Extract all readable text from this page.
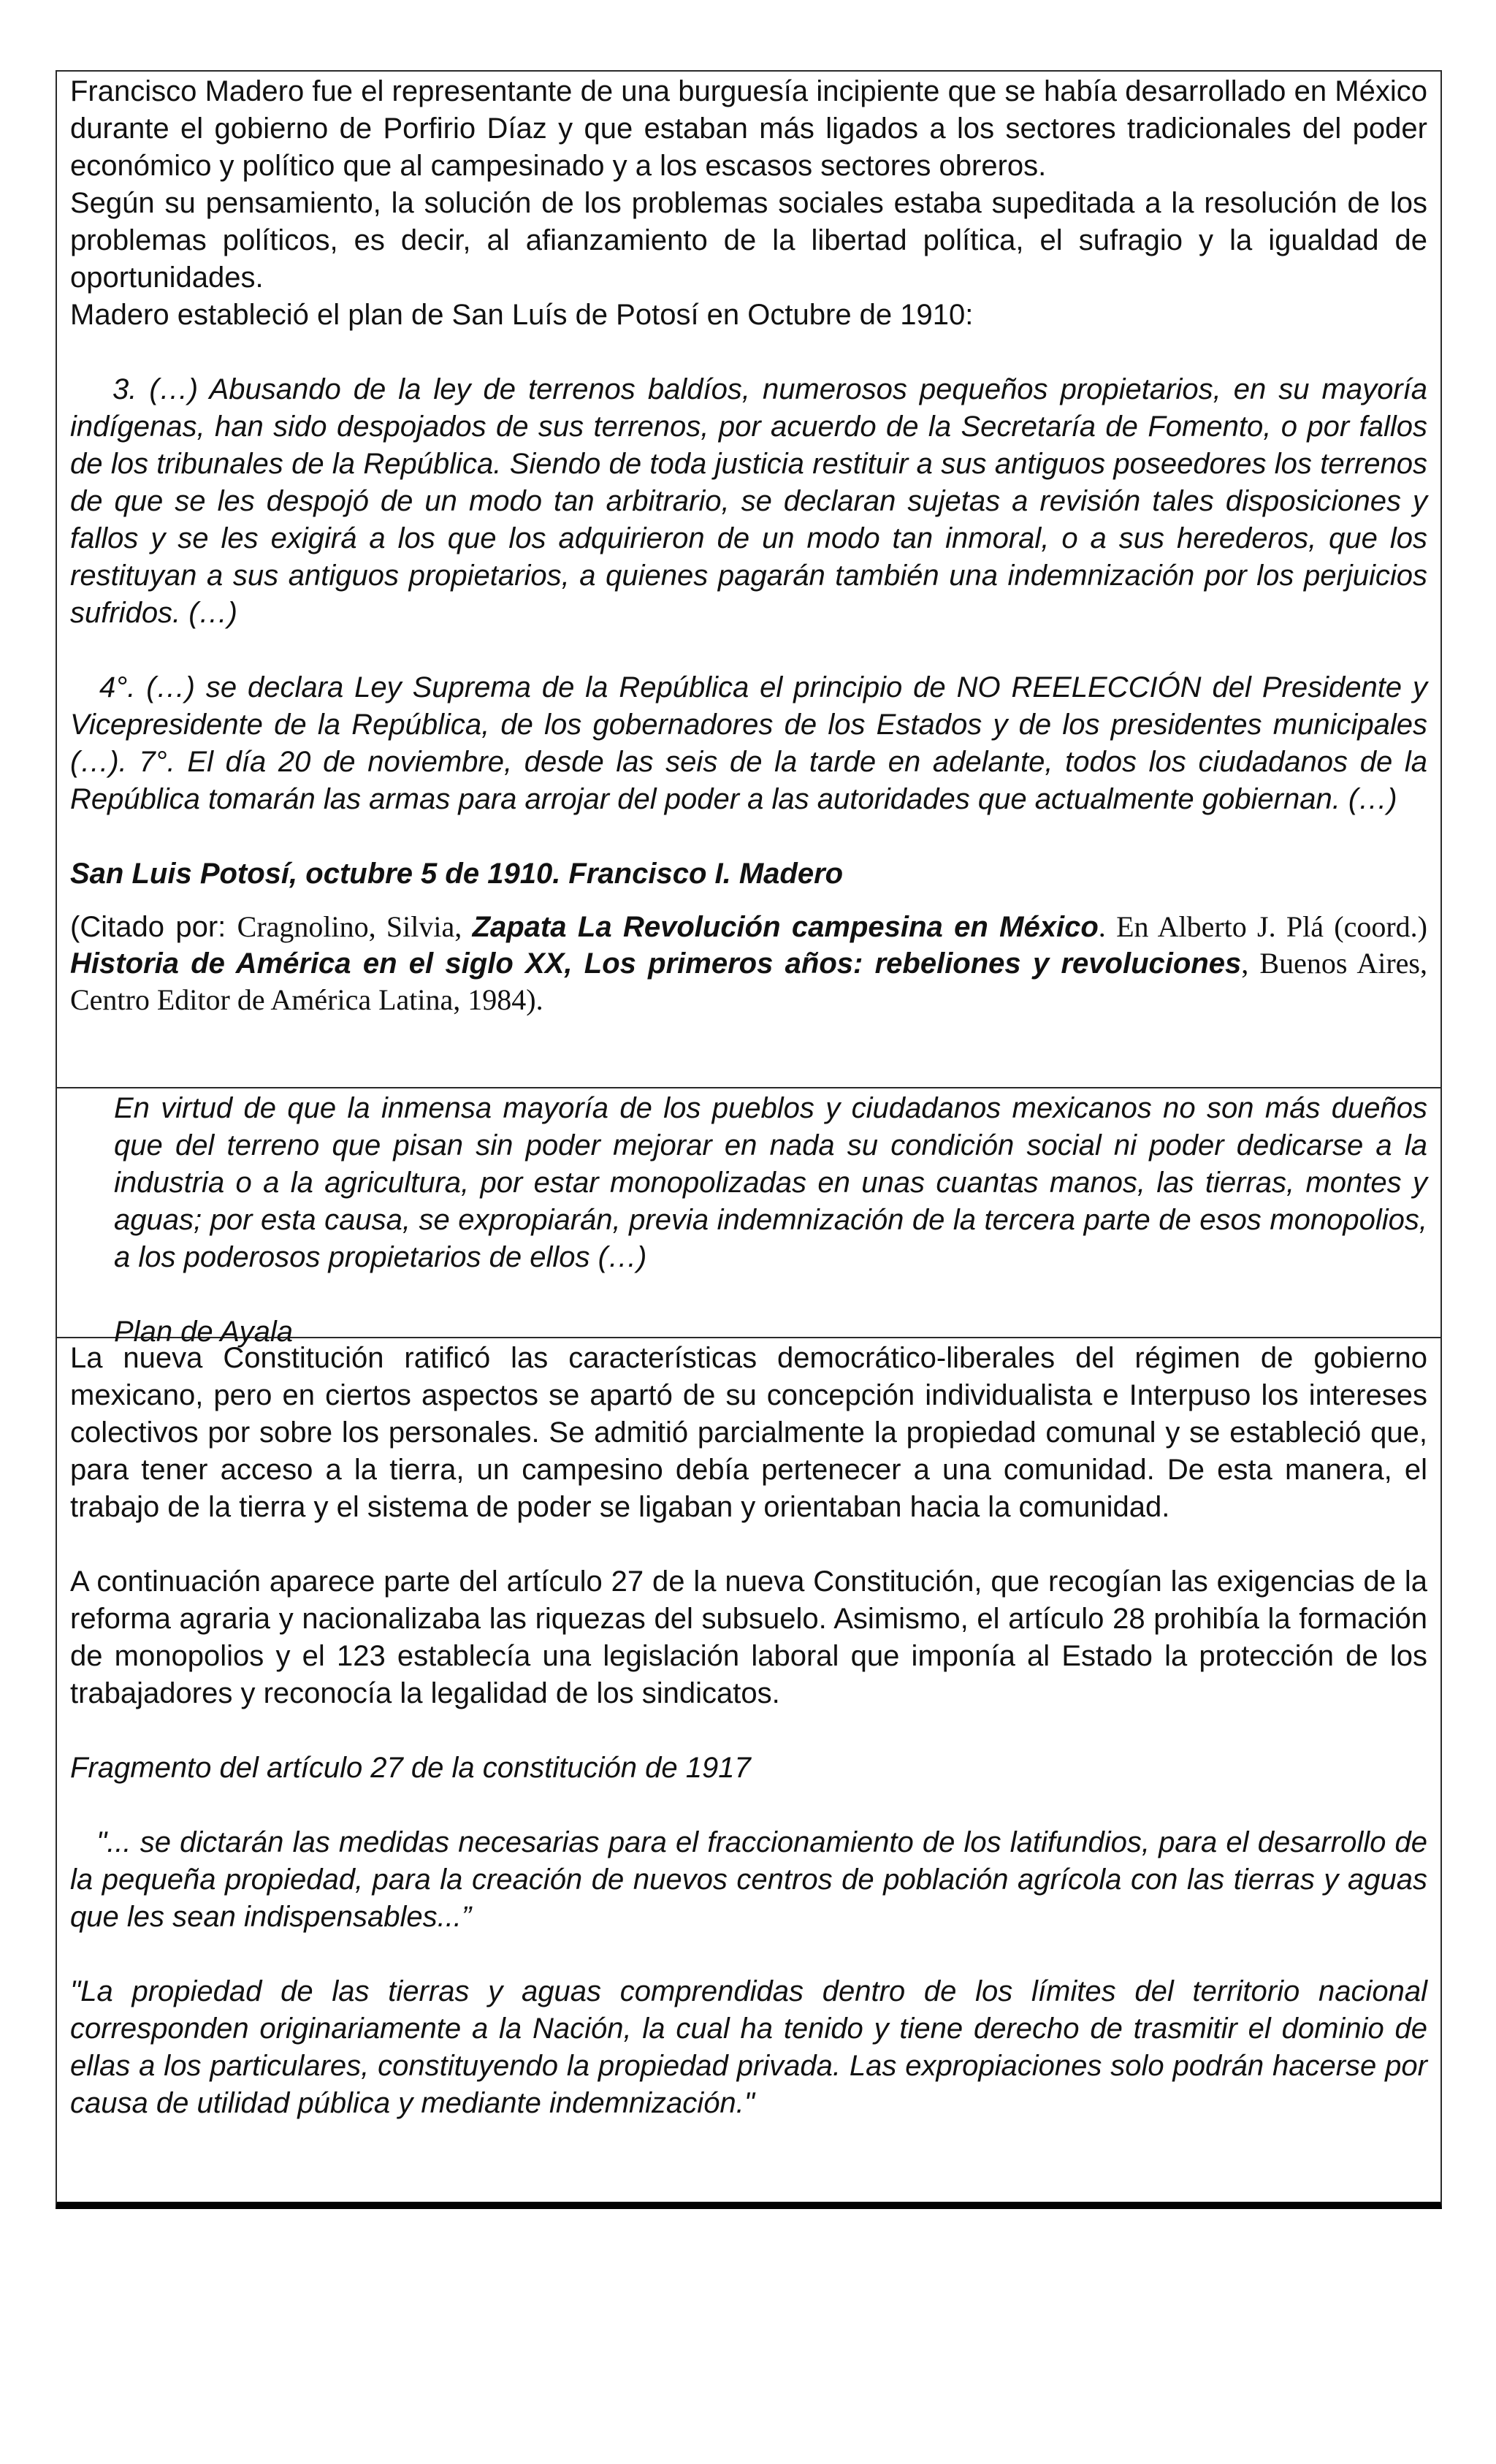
Francisco Madero fue el representante de una burguesía incipiente que se había desarrollado en México durante el gobierno de Porfirio Díaz y que estaban más ligados a los sectores tradicionales del poder económico y político que al campesinado y a los escasos sectores obreros.

Según su pensamiento, la solución de los problemas sociales estaba supeditada a la resolución de los problemas políticos, es decir, al afianzamiento de la libertad política, el sufragio y la igualdad de oportunidades.

Madero estableció el plan de San Luís de Potosí en Octubre de 1910:

3. (…) Abusando de la ley de terrenos baldíos, numerosos pequeños propietarios, en su mayoría indígenas, han sido despojados de sus terrenos, por acuerdo de la Secretaría de Fomento, o por fallos de los tribunales de la República. Siendo de toda justicia restituir a sus antiguos poseedores los terrenos de que se les despojó de un modo tan arbitrario, se declaran sujetas a revisión tales disposiciones y fallos y se les exigirá a los que los adquirieron de un modo tan inmoral, o a sus herederos, que los restituyan a sus antiguos propietarios, a quienes pagarán también una indemnización por los perjuicios sufridos. (…)

4°. (…) se declara Ley Suprema de la República el principio de NO REELECCIÓN del Presidente y Vicepresidente de la República, de los gobernadores de los Estados y de los presidentes municipales (…). 7°. El día 20 de noviembre, desde las seis de la tarde en adelante, todos los ciudadanos de la República tomarán las armas para arrojar del poder a las autoridades que actualmente gobiernan. (…)

San Luis Potosí, octubre 5 de 1910. Francisco I. Madero

(Citado por: Cragnolino, Silvia, Zapata La Revolución campesina en México. En Alberto J. Plá (coord.) Historia de América en el siglo XX, Los primeros años: rebeliones y revoluciones, Buenos Aires, Centro Editor de América Latina, 1984).

En virtud de que la inmensa mayoría de los pueblos y ciudadanos mexicanos no son más dueños que del terreno que pisan sin poder mejorar en nada su condición social ni poder dedicarse a la industria o a la agricultura, por estar monopolizadas en unas cuantas manos, las tierras, montes y aguas; por esta causa, se expropiarán, previa indemnización de la tercera parte de esos monopolios, a los poderosos propietarios de ellos (…)

Plan de Ayala

La nueva Constitución ratificó las características democrático-liberales del régimen de gobierno mexicano, pero en ciertos aspectos se apartó de su concepción individualista e Interpuso los intereses colectivos por sobre los personales. Se admitió parcialmente la propiedad comunal y se estableció que, para tener acceso a la tierra, un campesino debía pertenecer a una comunidad. De esta manera, el trabajo de la tierra y el sistema de poder se ligaban y orientaban hacia la comunidad.

A continuación aparece parte del artículo 27 de la nueva Constitución, que recogían las exigencias de la reforma agraria y nacionalizaba las riquezas del subsuelo. Asimismo, el artículo 28 prohibía la formación de monopolios y el 123 establecía una legislación laboral que imponía al Estado la protección de los trabajadores y reconocía la legalidad de los sindicatos.

Fragmento del artículo 27 de la constitución de 1917

"... se dictarán las medidas necesarias para el fraccionamiento de los latifundios, para el desarrollo de la pequeña propiedad, para la creación de nuevos centros de población agrícola con las tierras y aguas que les sean indispensables...”

"La propiedad de las tierras y aguas comprendidas dentro de los límites del territorio nacional corresponden originariamente a la Nación, la cual ha tenido y tiene derecho de trasmitir el dominio de ellas a los particulares, constituyendo la propiedad privada. Las expropiaciones solo podrán hacerse por causa de utilidad pública y mediante indemnización."
